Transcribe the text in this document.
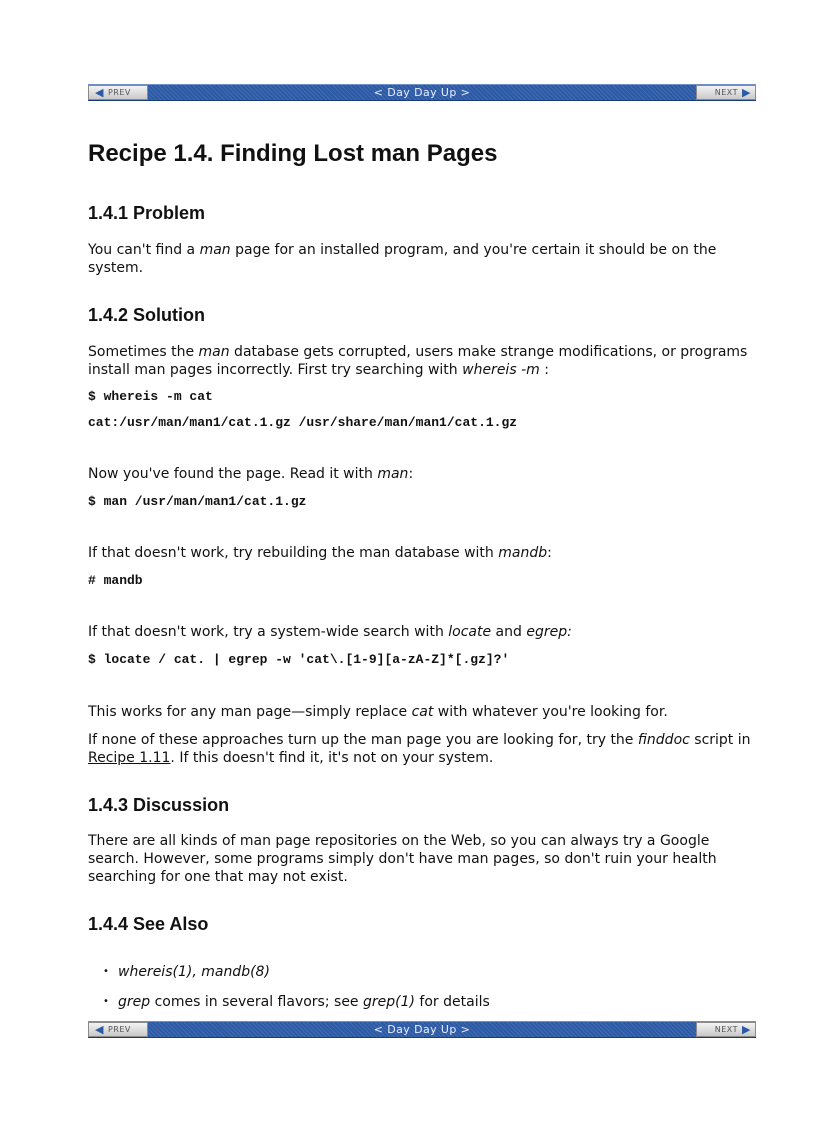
◀ PREV	< Day Day Up >	NEXT ▶
Recipe 1.4. Finding Lost man Pages
1.4.1 Problem

You can't find a man page for an installed program, and you're certain it should be on the system.

1.4.2 Solution

Sometimes the man database gets corrupted, users make strange modifications, or programs install man pages incorrectly. First try searching with whereis -m :

$ whereis -m cat
cat:/usr/man/man1/cat.1.gz /usr/share/man/man1/cat.1.gz

Now you've found the page. Read it with man:

$ man /usr/man/man1/cat.1.gz

If that doesn't work, try rebuilding the man database with mandb:

# mandb

If that doesn't work, try a system-wide search with locate and egrep:

$ locate / cat. | egrep -w 'cat\.[1-9][a-zA-Z]*[.gz]?'

This works for any man page—simply replace cat with whatever you're looking for.

If none of these approaches turn up the man page you are looking for, try the finddoc script in Recipe 1.11. If this doesn't find it, it's not on your system.

1.4.3 Discussion

There are all kinds of man page repositories on the Web, so you can always try a Google search. However, some programs simply don't have man pages, so don't ruin your health searching for one that may not exist.

1.4.4 See Also
• whereis(1), mandb(8)
• grep comes in several flavors; see grep(1) for details
◀ PREV	< Day Day Up >	NEXT ▶
